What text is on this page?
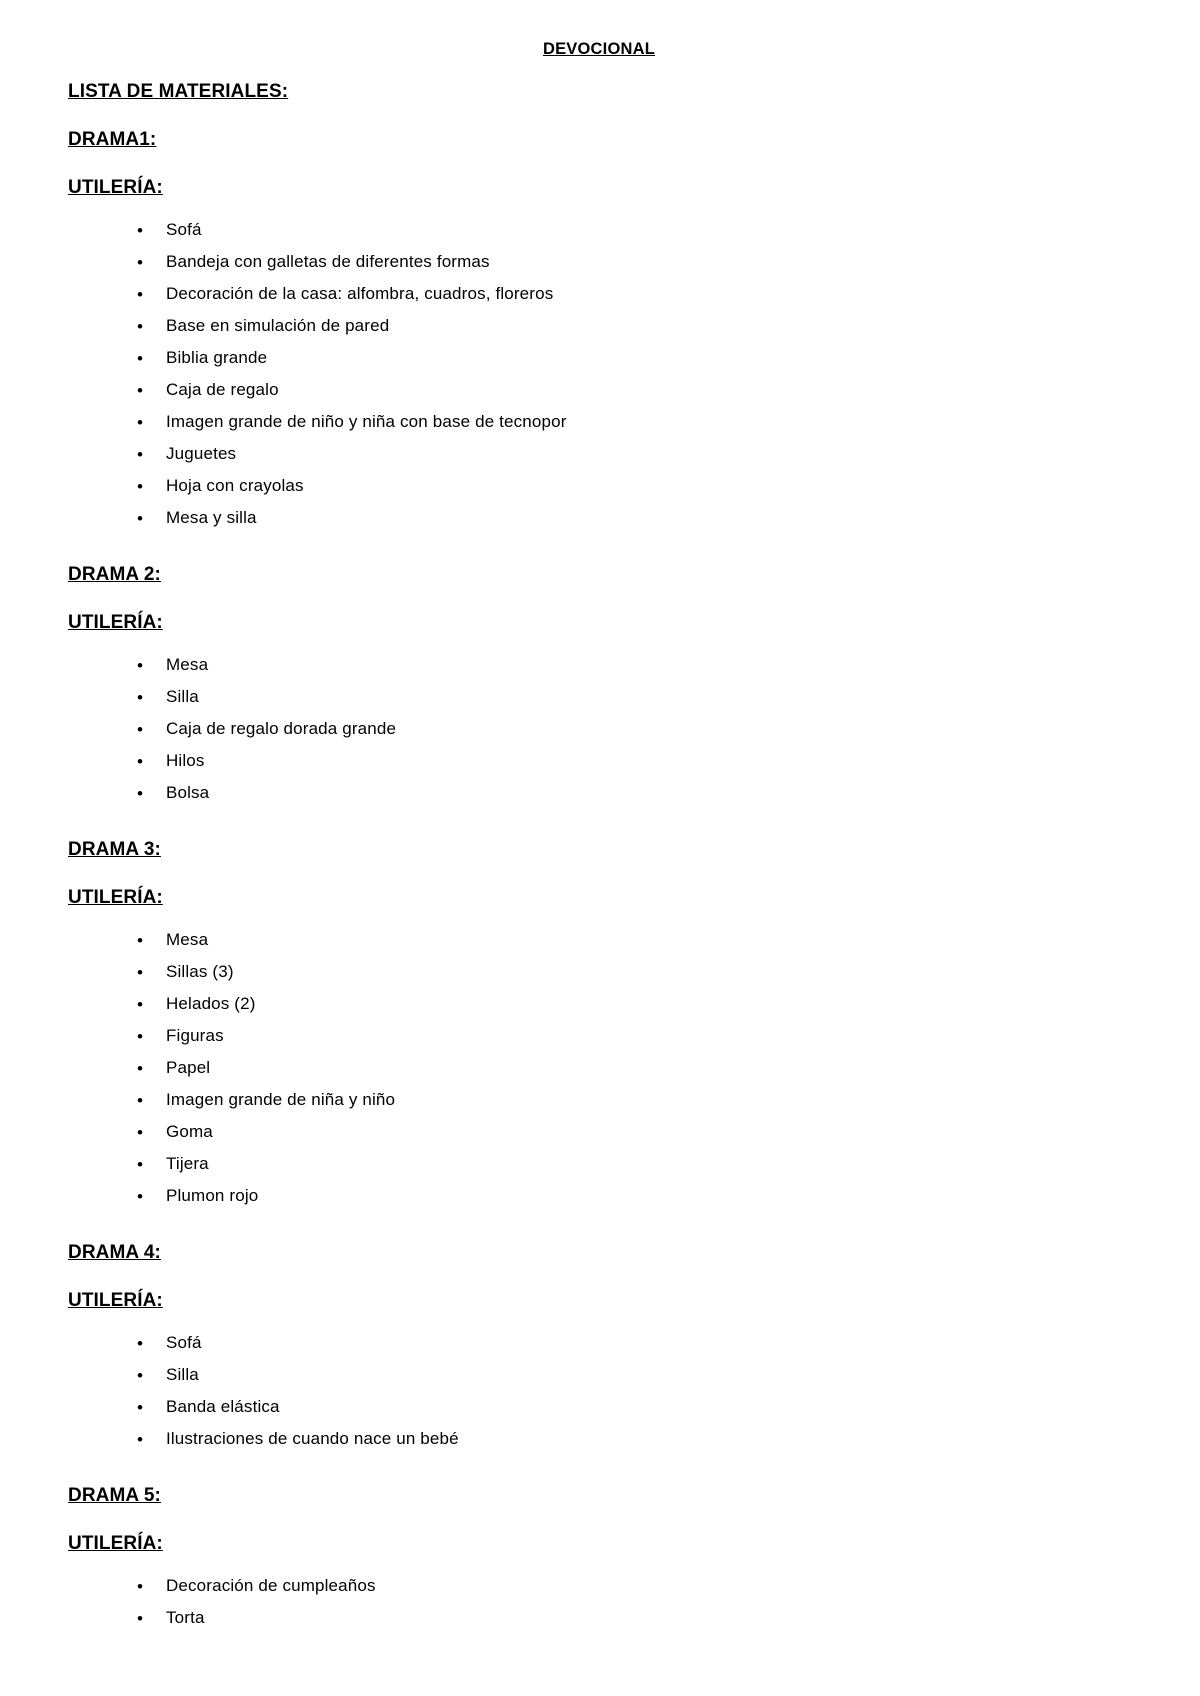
DEVOCIONAL
LISTA DE MATERIALES:
DRAMA1:
UTILERÍA:
• Sofá
• Bandeja con galletas de diferentes formas
• Decoración de la casa: alfombra, cuadros, floreros
• Base en simulación de pared
• Biblia grande
• Caja de regalo
• Imagen grande de niño y niña con base de tecnopor
• Juguetes
• Hoja con crayolas
• Mesa y silla
DRAMA 2:
UTILERÍA:
• Mesa
• Silla
• Caja de regalo dorada grande
• Hilos
• Bolsa
DRAMA 3:
UTILERÍA:
• Mesa
• Sillas (3)
• Helados (2)
• Figuras
• Papel
• Imagen grande de niña y niño
• Goma
• Tijera
• Plumon rojo
DRAMA 4:
UTILERÍA:
• Sofá
• Silla
• Banda elástica
• Ilustraciones de cuando nace un bebé
DRAMA 5:
UTILERÍA:
• Decoración de cumpleaños
• Torta
